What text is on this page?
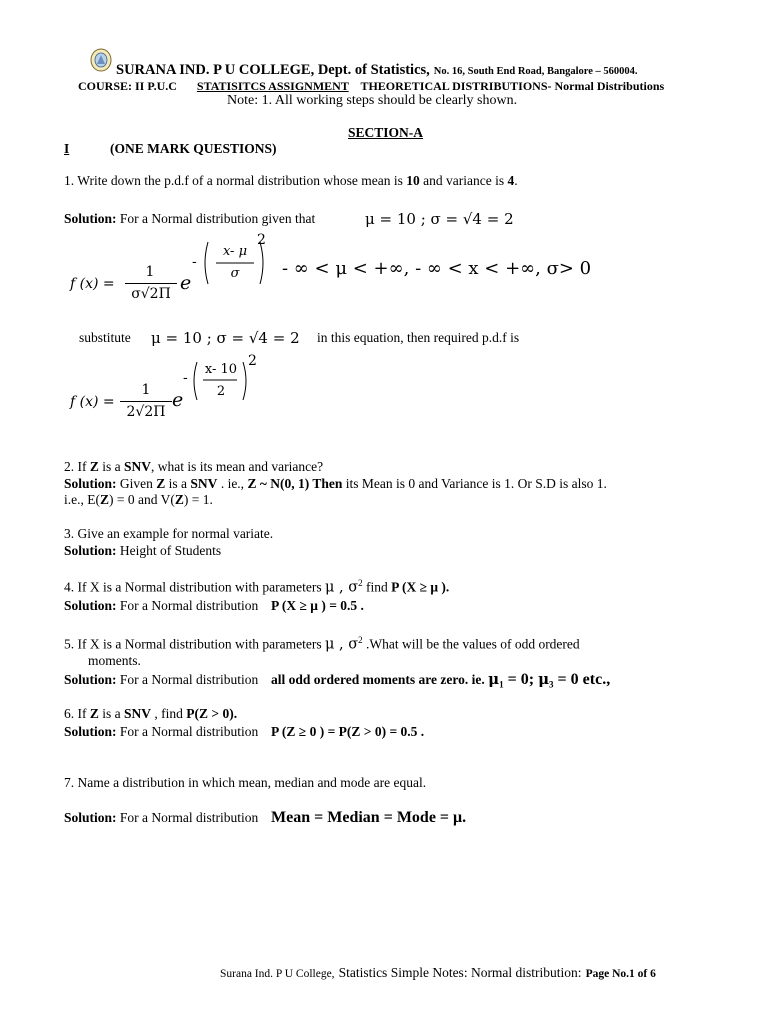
SURANA IND. P U COLLEGE, Dept. of Statistics, No. 16, South End Road, Bangalore – 560004.
COURSE: II P.U.C STATISITCS ASSIGNMENT THEORETICAL DISTRIBUTIONS- Normal Distributions
Note: 1. All working steps should be clearly shown.
SECTION-A
I	(ONE MARK QUESTIONS)
1. Write down the p.d.f of a normal distribution whose mean is 10 and variance is 4.
Solution: For a Normal distribution given that	μ = 10 ; σ = √4 = 2
f (x) =
1
σ√2Π e
-
x- μ
σ
2
- ∞ < μ < +∞, - ∞ < x < +∞, σ> 0
substitute μ = 10 ; σ = √4 = 2 in this equation, then required p.d.f is
f (x) =
1
2√2Π
e
-
x- 10
2
2
2. If Z is a SNV, what is its mean and variance?
Solution: Given Z is a SNV . ie., Z ~ N(0, 1) Then its Mean is 0 and Variance is 1. Or S.D is also 1.
i.e., E(Z) = 0 and V(Z) = 1.
3. Give an example for normal variate.
Solution: Height of Students
4. If X is a Normal distribution with parameters μ , $\sigma^2$ find P (X ≥ μ ).
Solution: For a Normal distribution P (X ≥ μ ) = 0.5 .
5. If X is a Normal distribution with parameters μ , $\sigma^2$ .What will be the values of odd ordered
moments.
Solution: For a Normal distribution all odd ordered moments are zero. ie. $\mu_1 = 0$; $\mu_3 = 0$ etc.,
6. If Z is a SNV , find P(Z > 0).
Solution: For a Normal distribution P (Z ≥ 0 ) = P(Z > 0) = 0.5 .
7. Name a distribution in which mean, median and mode are equal.
Solution: For a Normal distribution Mean = Median = Mode = μ.
Surana Ind. P U College, Statistics Simple Notes: Normal distribution: Page No.1 of 6
